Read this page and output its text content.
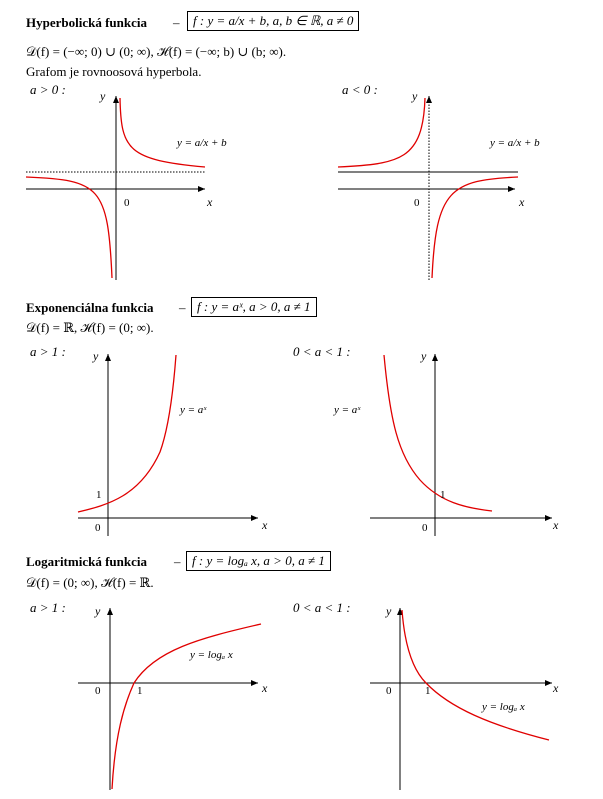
Hyperbolická funkcia –	f : y = a/x + b, a, b ∈ ℝ, a ≠ 0
𝒟(f) = (−∞; 0) ∪ (0; ∞), ℋ(f) = (−∞; b) ∪ (b; ∞).
Grafom je rovnoosová hyperbola.
a > 0 :	a < 0 :
Exponenciálna funkcia – f : y = aˣ, a > 0, a ≠ 1
𝒟(f) = ℝ, ℋ(f) = (0; ∞).
a > 1 :	0 < a < 1 :
Logaritmická funkcia – f : y = logₐ x, a > 0, a ≠ 1
𝒟(f) = (0; ∞), ℋ(f) = ℝ.
a > 1 :	0 < a < 1 :
y
x
0
y = a/x + b
y
x
0
y = a/x + b
y
x
0
1
y = aˣ
y
x
0
1
y = aˣ
y
x
0	1
y = logₐ x
y
x
0	1
y = logₐ x
